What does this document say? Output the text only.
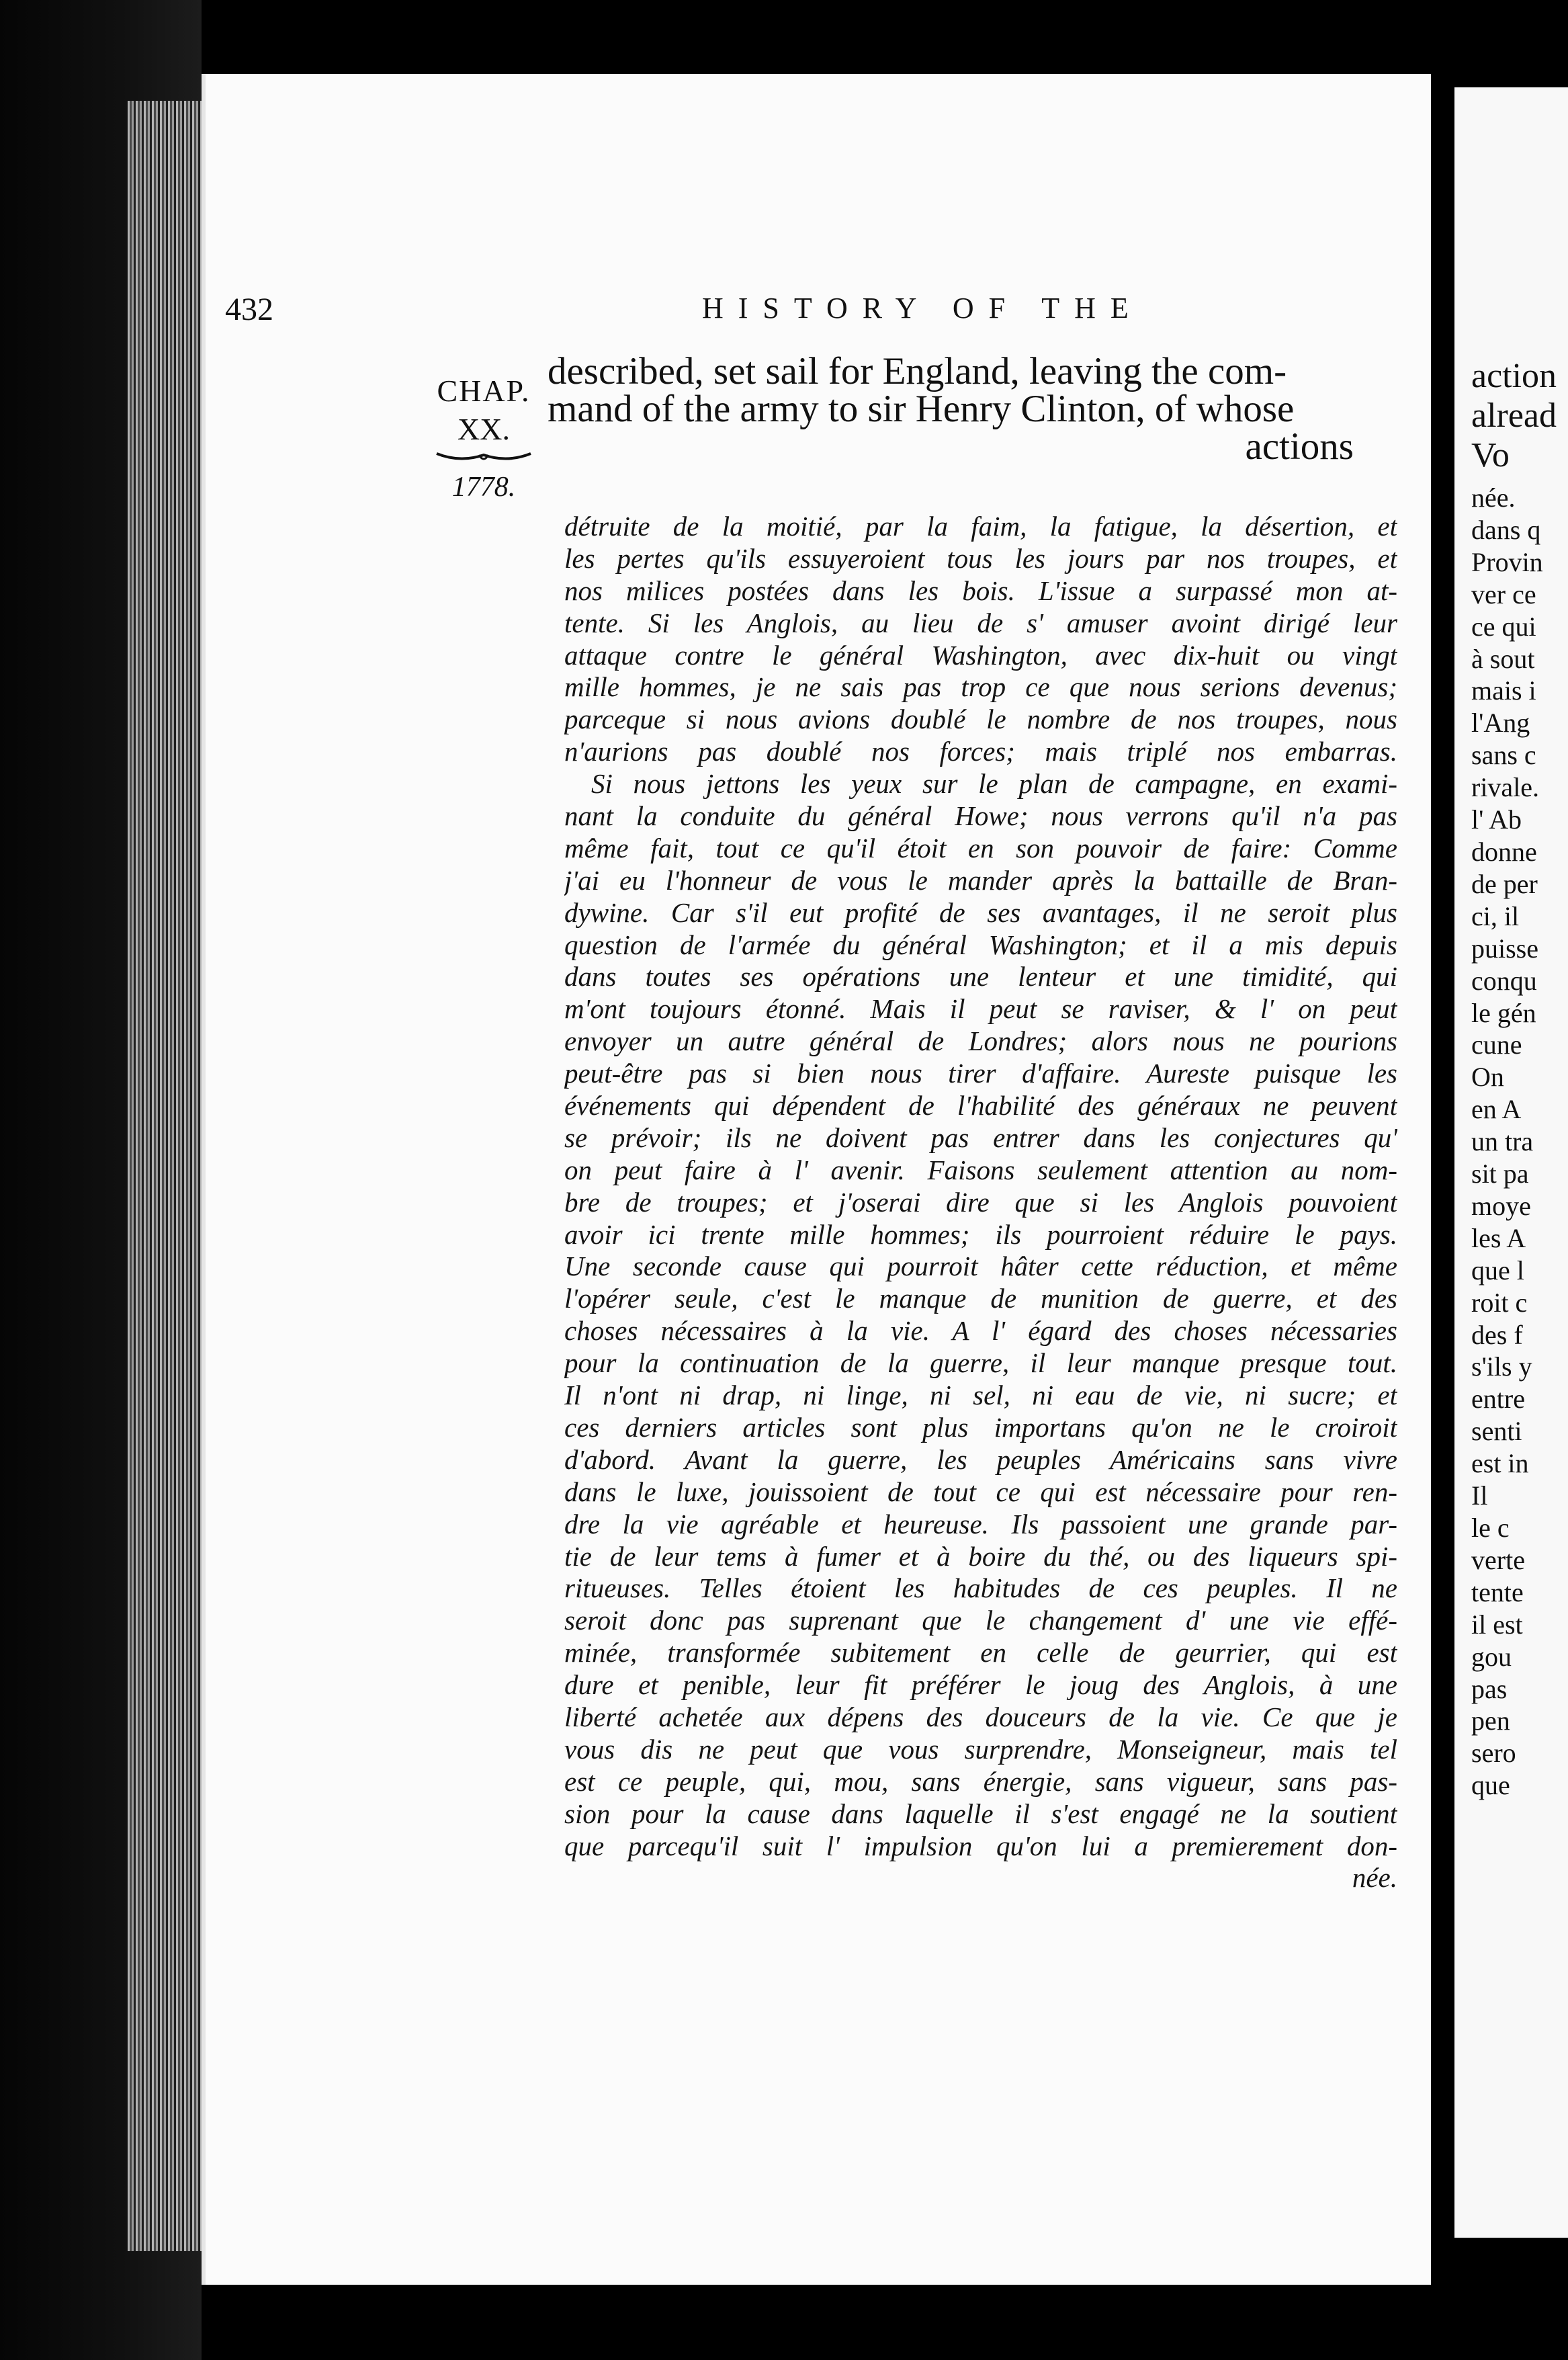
action
alread
Vo
née.
dans q
Provin
ver ce
ce qui
à sout
mais i
l'Ang
sans c
rivale.
l' Ab
donne
de per
ci, il
puisse
conqu
le gén
cune
On
en A
un tra
sit pa
moye
les A
que l
roit c
des f
s'ils y
entre
senti
est in
Il
le c
verte
tente
il est
gou
pas
pen
sero
que
432	HISTORY OF THE
CHAP.
XX.
1778.
described, set sail for England, leaving the com-
mand of the army to sir Henry Clinton, of whose
actions
détruite de la moitié, par la faim, la fatigue, la désertion, et
les pertes qu'ils essuyeroient tous les jours par nos troupes, et
nos milices postées dans les bois. L'issue a surpassé mon at-
tente. Si les Anglois, au lieu de s' amuser avoint dirigé leur
attaque contre le général Washington, avec dix-huit ou vingt
mille hommes, je ne sais pas trop ce que nous serions devenus;
parceque si nous avions doublé le nombre de nos troupes, nous
n'aurions pas doublé nos forces; mais triplé nos embarras.
Si nous jettons les yeux sur le plan de campagne, en exami-
nant la conduite du général Howe; nous verrons qu'il n'a pas
même fait, tout ce qu'il étoit en son pouvoir de faire: Comme
j'ai eu l'honneur de vous le mander après la battaille de Bran-
dywine. Car s'il eut profité de ses avantages, il ne seroit plus
question de l'armée du général Washington; et il a mis depuis
dans toutes ses opérations une lenteur et une timidité, qui
m'ont toujours étonné. Mais il peut se raviser, & l' on peut
envoyer un autre général de Londres; alors nous ne pourions
peut-être pas si bien nous tirer d'affaire. Aureste puisque les
événements qui dépendent de l'habilité des généraux ne peuvent
se prévoir; ils ne doivent pas entrer dans les conjectures qu'
on peut faire à l' avenir. Faisons seulement attention au nom-
bre de troupes; et j'oserai dire que si les Anglois pouvoient
avoir ici trente mille hommes; ils pourroient réduire le pays.
Une seconde cause qui pourroit hâter cette réduction, et même
l'opérer seule, c'est le manque de munition de guerre, et des
choses nécessaires à la vie. A l' égard des choses nécessaries
pour la continuation de la guerre, il leur manque presque tout.
Il n'ont ni drap, ni linge, ni sel, ni eau de vie, ni sucre; et
ces derniers articles sont plus importans qu'on ne le croiroit
d'abord. Avant la guerre, les peuples Américains sans vivre
dans le luxe, jouissoient de tout ce qui est nécessaire pour ren-
dre la vie agréable et heureuse. Ils passoient une grande par-
tie de leur tems à fumer et à boire du thé, ou des liqueurs spi-
ritueuses. Telles étoient les habitudes de ces peuples. Il ne
seroit donc pas suprenant que le changement d' une vie effé-
minée, transformée subitement en celle de geurrier, qui est
dure et penible, leur fit préférer le joug des Anglois, à une
liberté achetée aux dépens des douceurs de la vie. Ce que je
vous dis ne peut que vous surprendre, Monseigneur, mais tel
est ce peuple, qui, mou, sans énergie, sans vigueur, sans pas-
sion pour la cause dans laquelle il s'est engagé ne la soutient
que parcequ'il suit l' impulsion qu'on lui a premierement don-
née.
